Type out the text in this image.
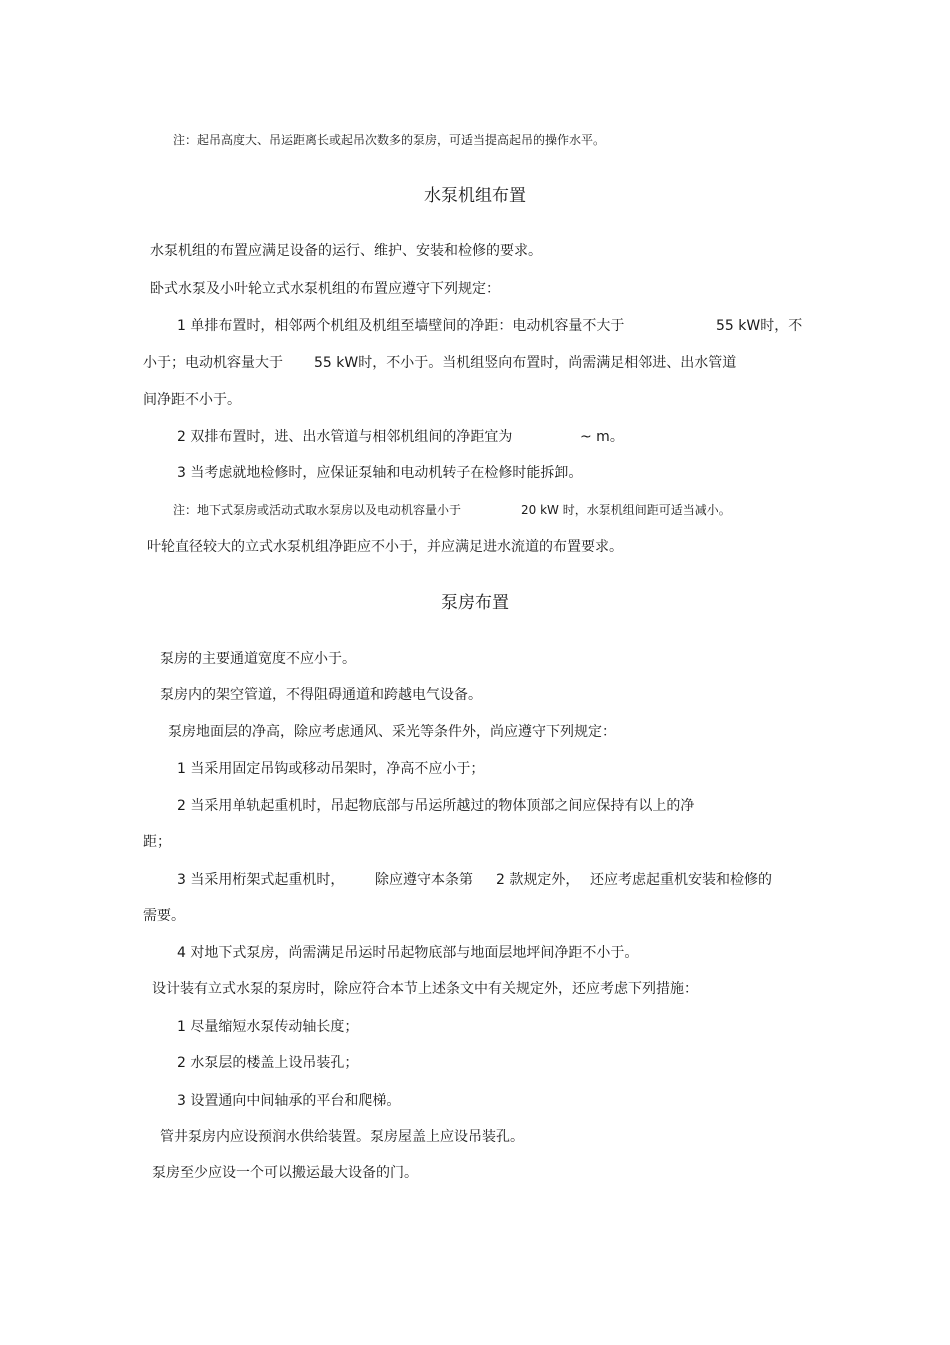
注：起吊高度大、吊运距离长或起吊次数多的泵房，可适当提高起吊的操作水平。
水泵机组布置
水泵机组的布置应满足设备的运行、维护、安装和检修的要求。
卧式水泵及小叶轮立式水泵机组的布置应遵守下列规定：
1 单排布置时，相邻两个机组及机组至墙壁间的净距：电动机容量不大于	55 kW时，不
小于；电动机容量大于 55 kW时，不小于。当机组竖向布置时，尚需满足相邻进、出水管道
间净距不小于。
2 双排布置时，进、出水管道与相邻机组间的净距宜为	~ m。
3 当考虑就地检修时，应保证泵轴和电动机转子在检修时能拆卸。
注：地下式泵房或活动式取水泵房以及电动机容量小于	20 kW 时，水泵机组间距可适当减小。
叶轮直径较大的立式水泵机组净距应不小于，并应满足进水流道的布置要求。
泵房布置
泵房的主要通道宽度不应小于。
泵房内的架空管道，不得阻碍通道和跨越电气设备。
泵房地面层的净高，除应考虑通风、采光等条件外，尚应遵守下列规定：
1 当采用固定吊钩或移动吊架时，净高不应小于；
2 当采用单轨起重机时，吊起物底部与吊运所越过的物体顶部之间应保持有以上的净
距；
3 当采用桁架式起重机时， 除应遵守本条第 2 款规定外， 还应考虑起重机安装和检修的
需要。
4 对地下式泵房，尚需满足吊运时吊起物底部与地面层地坪间净距不小于。
设计装有立式水泵的泵房时，除应符合本节上述条文中有关规定外，还应考虑下列措施：
1 尽量缩短水泵传动轴长度；
2 水泵层的楼盖上设吊装孔；
3 设置通向中间轴承的平台和爬梯。
管井泵房内应设预润水供给装置。泵房屋盖上应设吊装孔。
泵房至少应设一个可以搬运最大设备的门。
